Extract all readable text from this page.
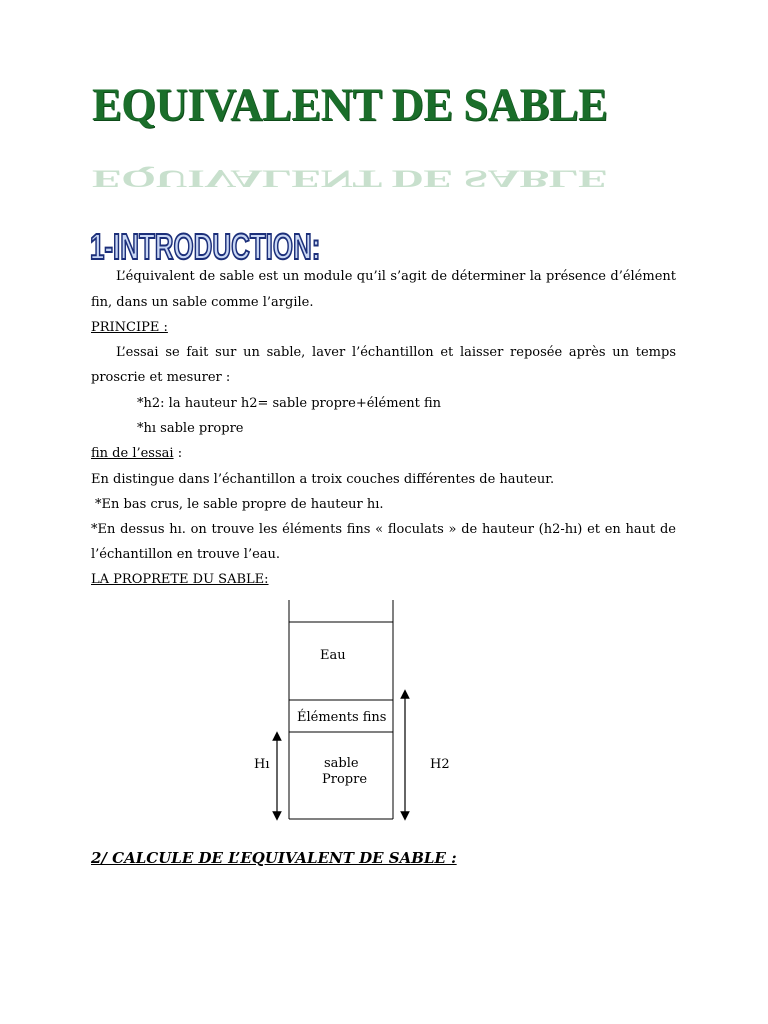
EQUIVALENT DE SABLE
EQUIVALENT DE SABLE
1-INTRODUCTION:
L’équivalent de sable est un module qu’il s’agit de déterminer la présence d’élément
fin, dans un sable comme l’argile.
PRINCIPE :
L’essai se fait sur un sable, laver l’échantillon et laisser reposée après un temps
proscrie et mesurer :
*h2: la hauteur h2= sable propre+élément fin
*hı sable propre
fin de l’essai :
En distingue dans l’échantillon a troix couches différentes de hauteur.
*En bas crus, le sable propre de hauteur hı.
*En dessus hı. on trouve les éléments fins « floculats » de hauteur (h2-hı) et en haut de
l’échantillon en trouve l’eau.
LA PROPRETE DU SABLE:
Eau
Éléments fins
sable
Propre
Hı	H2
2/ CALCULE DE L’EQUIVALENT DE SABLE :
